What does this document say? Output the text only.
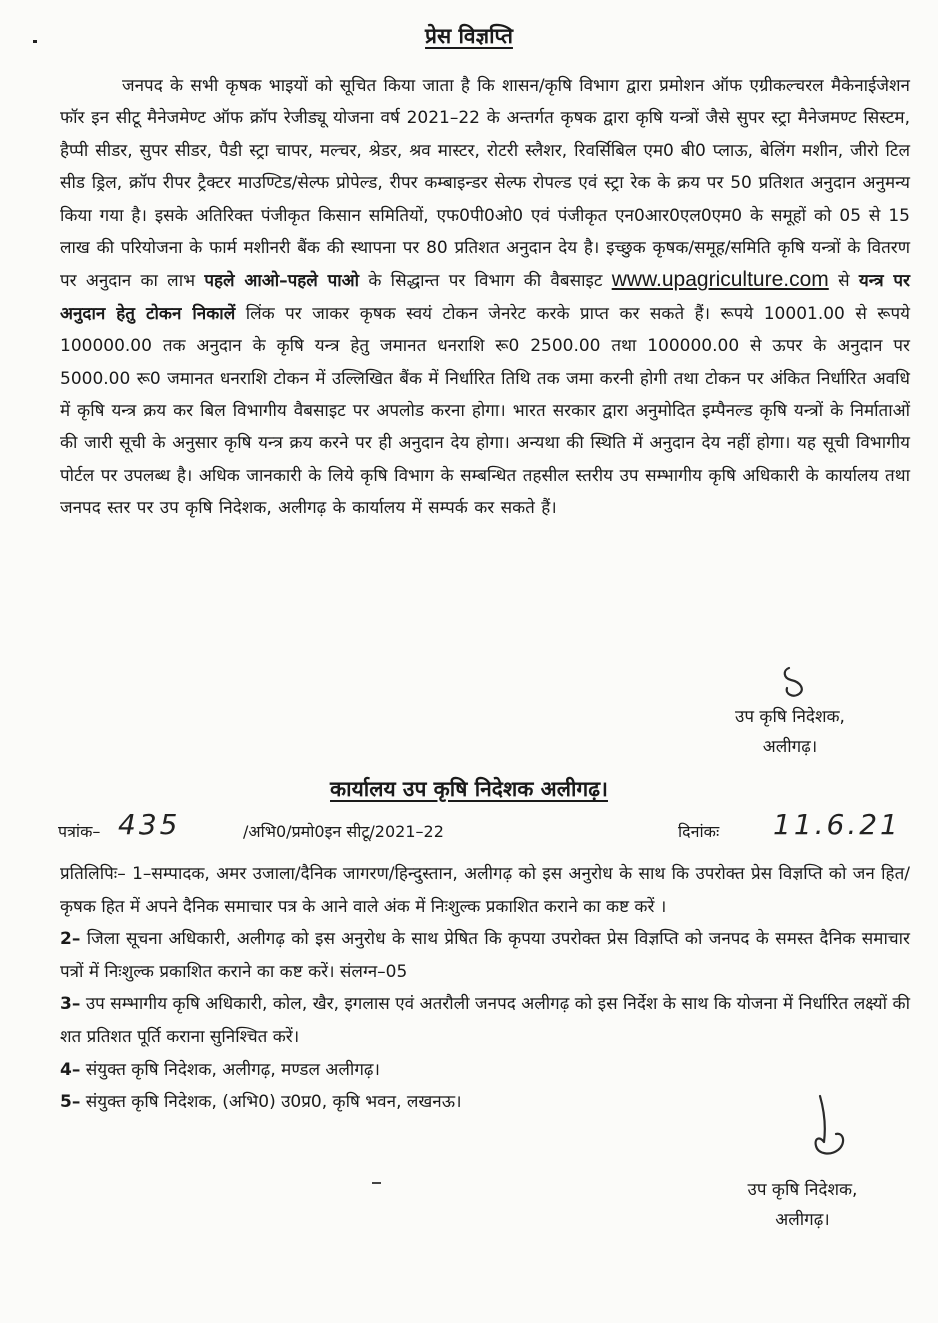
प्रेस विज्ञप्ति
जनपद के सभी कृषक भाइयों को सूचित किया जाता है कि शासन/कृषि विभाग द्वारा प्रमोशन ऑफ एग्रीकल्चरल मैकेनाईजेशन फॉर इन सीटू मैनेजमेण्ट ऑफ क्रॉप रेजीड्यू योजना वर्ष 2021–22 के अन्तर्गत कृषक द्वारा कृषि यन्त्रों जैसे सुपर स्ट्रा मैनेजमण्ट सिस्टम, हैप्पी सीडर, सुपर सीडर, पैडी स्ट्रा चापर, मल्चर, श्रेडर, श्रव मास्टर, रोटरी स्लैशर, रिवर्सिबिल एम0 बी0 प्लाऊ, बेलिंग मशीन, जीरो टिल सीड ड्रिल, क्रॉप रीपर ट्रैक्टर माउण्टिड/सेल्फ प्रोपेल्ड, रीपर कम्बाइन्डर सेल्फ रोपल्ड एवं स्ट्रा रेक के क्रय पर 50 प्रतिशत अनुदान अनुमन्य किया गया है। इसके अतिरिक्त पंजीकृत किसान समितियों, एफ0पी0ओ0 एवं पंजीकृत एन0आर0एल0एम0 के समूहों को 05 से 15 लाख की परियोजना के फार्म मशीनरी बैंक की स्थापना पर 80 प्रतिशत अनुदान देय है। इच्छुक कृषक/समूह/समिति कृषि यन्त्रों के वितरण पर अनुदान का लाभ पहले आओ–पहले पाओ के सिद्धान्त पर विभाग की वैबसाइट www.upagriculture.com से यन्त्र पर अनुदान हेतु टोकन निकालें लिंक पर जाकर कृषक स्वयं टोकन जेनरेट करके प्राप्त कर सकते हैं। रूपये 10001.00 से रूपये 100000.00 तक अनुदान के कृषि यन्त्र हेतु जमानत धनराशि रू0 2500.00 तथा 100000.00 से ऊपर के अनुदान पर 5000.00 रू0 जमानत धनराशि टोकन में उल्लिखित बैंक में निर्धारित तिथि तक जमा करनी होगी तथा टोकन पर अंकित निर्धारित अवधि में कृषि यन्त्र क्रय कर बिल विभागीय वैबसाइट पर अपलोड करना होगा। भारत सरकार द्वारा अनुमोदित इम्पैनल्ड कृषि यन्त्रों के निर्माताओं की जारी सूची के अनुसार कृषि यन्त्र क्रय करने पर ही अनुदान देय होगा। अन्यथा की स्थिति में अनुदान देय नहीं होगा। यह सूची विभागीय पोर्टल पर उपलब्ध है। अधिक जानकारी के लिये कृषि विभाग के सम्बन्धित तहसील स्तरीय उप सम्भागीय कृषि अधिकारी के कार्यालय तथा जनपद स्तर पर उप कृषि निदेशक, अलीगढ़ के कार्यालय में सम्पर्क कर सकते हैं।
उप कृषि निदेशक,
अलीगढ़।
कार्यालय उप कृषि निदेशक अलीगढ़।
पत्रांक– 435	/अभि0/प्रमो0इन सीटू/2021–22	दिनांकः 11.6.21

प्रतिलिपिः– 1–सम्पादक, अमर उजाला/दैनिक जागरण/हिन्दुस्तान, अलीगढ़ को इस अनुरोध के साथ कि उपरोक्त प्रेस विज्ञप्ति को जन हित/कृषक हित में अपने दैनिक समाचार पत्र के आने वाले अंक में निःशुल्क प्रकाशित कराने का कष्ट करें ।

2– जिला सूचना अधिकारी, अलीगढ़ को इस अनुरोध के साथ प्रेषित कि कृपया उपरोक्त प्रेस विज्ञप्ति को जनपद के समस्त दैनिक समाचार पत्रों में निःशुल्क प्रकाशित कराने का कष्ट करें। संलग्न–05

3– उप सम्भागीय कृषि अधिकारी, कोल, खैर, इगलास एवं अतरौली जनपद अलीगढ़ को इस निर्देश के साथ कि योजना में निर्धारित लक्ष्यों की शत प्रतिशत पूर्ति कराना सुनिश्चित करें।

4– संयुक्त कृषि निदेशक, अलीगढ़, मण्डल अलीगढ़।

5– संयुक्त कृषि निदेशक, (अभि0) उ0प्र0, कृषि भवन, लखनऊ।

उप कृषि निदेशक,
अलीगढ़।
